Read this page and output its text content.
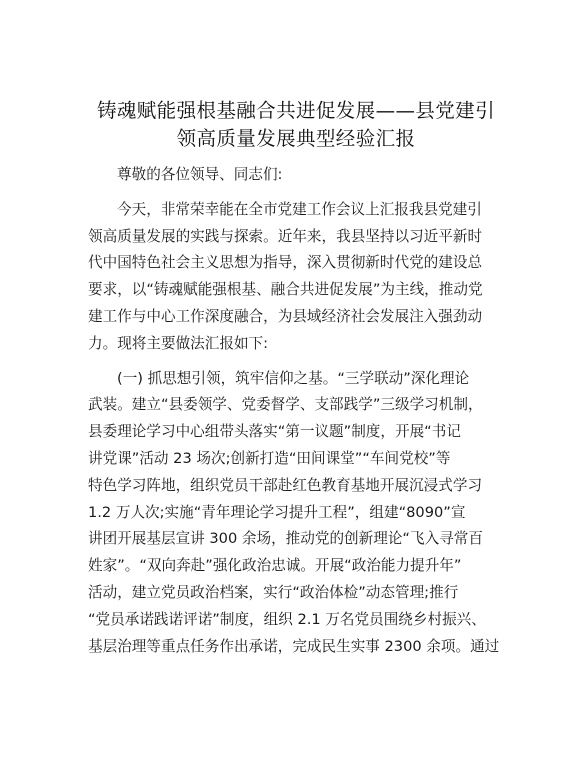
铸魂赋能强根基融合共进促发展——县党建引
领高质量发展典型经验汇报
尊敬的各位领导、同志们:
今天，非常荣幸能在全市党建工作会议上汇报我县党建引
领高质量发展的实践与探索。近年来，我县坚持以习近平新时
代中国特色社会主义思想为指导，深入贯彻新时代党的建设总
要求，以“铸魂赋能强根基、融合共进促发展”为主线，推动党
建工作与中心工作深度融合，为县域经济社会发展注入强劲动
力。现将主要做法汇报如下:
(一) 抓思想引领，筑牢信仰之基。“三学联动”深化理论
武装。建立“县委领学、党委督学、支部践学”三级学习机制，
县委理论学习中心组带头落实“第一议题”制度，开展“书记
讲党课”活动 23 场次;创新打造“田间课堂”“车间党校”等
特色学习阵地，组织党员干部赴红色教育基地开展沉浸式学习
1.2 万人次;实施“青年理论学习提升工程”，组建“8090”宣
讲团开展基层宣讲 300 余场，推动党的创新理论“飞入寻常百
姓家”。“双向奔赴”强化政治忠诚。开展“政治能力提升年”
活动，建立党员政治档案，实行“政治体检”动态管理;推行
“党员承诺践诺评诺”制度，组织 2.1 万名党员围绕乡村振兴、
基层治理等重点任务作出承诺，完成民生实事 2300 余项。通过
